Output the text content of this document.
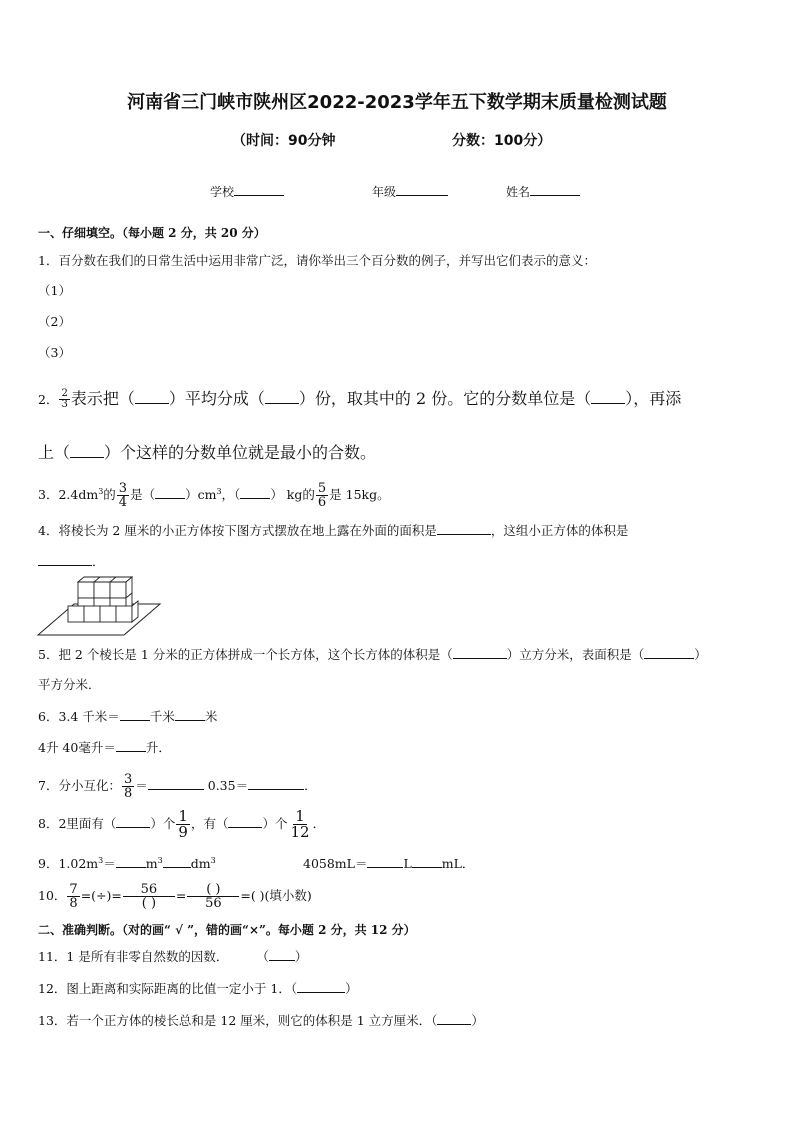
河南省三门峡市陕州区2022-2023学年五下数学期末质量检测试题
（时间：90分钟	分数：100分）
学校	年级	姓名
一、仔细填空。（每小题 2 分，共 20 分）
1．百分数在我们的日常生活中运用非常广泛，请你举出三个百分数的例子，并写出它们表示的意义：
（1）
（2）
（3）
2． $\frac{2}{3}$ 表示把（ ）平均分成（ ）份，取其中的 2 份。它的分数单位是（ ），再添
上（ ）个这样的分数单位就是最小的合数。
3．$2.4dm^3$的 $\frac{3}{4}$ 是（ ）$cm^3$，（ ） kg的 $\frac{5}{6}$ 是 15kg。
4．将棱长为 2 厘米的小正方体按下图方式摆放在地上露在外面的面积是	，这组小正方体的体积是
．
5．把 2 个棱长是 1 分米的正方体拼成一个长方体，这个长方体的体积是（	）立方分米，表面积是（	）
平方分米．
6．3.4 千米＝ 千米 米
4升 40毫升＝ 升．
7．分小互化： $\frac{3}{8}$ ＝	0.35＝	．
8．2里面有（	）个 $\frac{1}{9}$ ，有（	）个 $\frac{1}{12}$ ．
9．$1.02m^3= m^3$ $dm^3$	4058mL＝	L mL．
10． $\frac{7}{8}$ =(÷)= $\frac{56}{( )} = \frac{( )}{56}$ =( )(填小数)
二、准确判断。（对的画“ √ ”，错的画“×”。每小题 2 分，共 12 分）
11．1 是所有非零自然数的因数． （ ）
12．图上距离和实际距离的比值一定小于 1．（	）
13．若一个正方体的棱长总和是 12 厘米，则它的体积是 1 立方厘米．（	）
